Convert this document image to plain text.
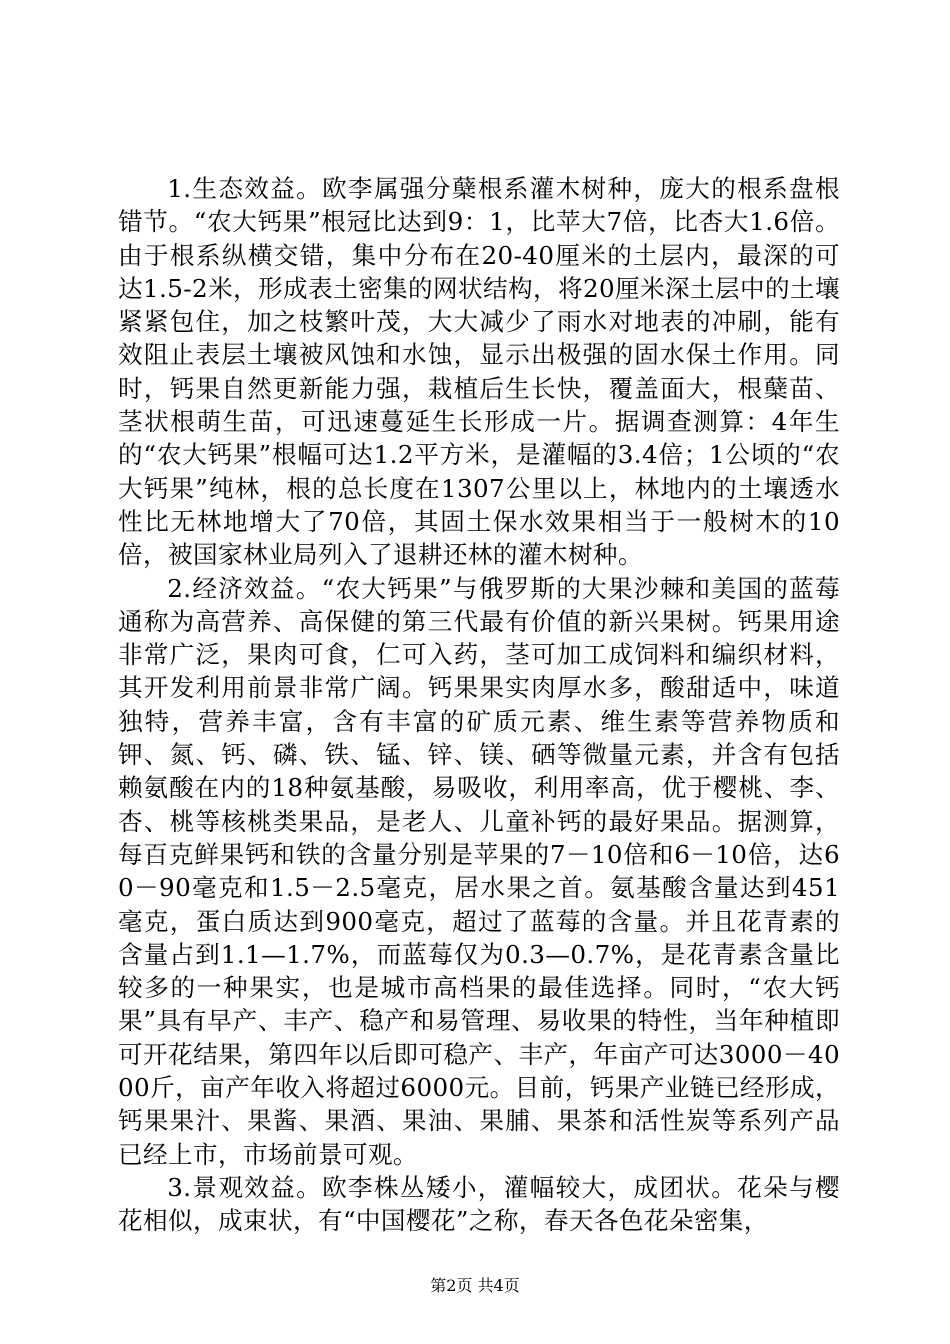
1.生态效益。欧李属强分蘖根系灌木树种，庞大的根系盘根错节。“农大钙果”根冠比达到9：1，比苹大7倍，比杏大1.6倍。由于根系纵横交错，集中分布在20-40厘米的土层内，最深的可达1.5-2米，形成表土密集的网状结构，将20厘米深土层中的土壤紧紧包住，加之枝繁叶茂，大大减少了雨水对地表的冲刷，能有效阻止表层土壤被风蚀和水蚀，显示出极强的固水保土作用。同时，钙果自然更新能力强，栽植后生长快，覆盖面大，根蘖苗、茎状根萌生苗，可迅速蔓延生长形成一片。据调查测算：4年生的“农大钙果”根幅可达1.2平方米，是灌幅的3.4倍；1公顷的“农大钙果”纯林，根的总长度在1307公里以上，林地内的土壤透水性比无林地增大了70倍，其固土保水效果相当于一般树木的10倍，被国家林业局列入了退耕还林的灌木树种。

2.经济效益。“农大钙果”与俄罗斯的大果沙棘和美国的蓝莓通称为高营养、高保健的第三代最有价值的新兴果树。钙果用途非常广泛，果肉可食，仁可入药，茎可加工成饲料和编织材料，其开发利用前景非常广阔。钙果果实肉厚水多，酸甜适中，味道独特，营养丰富，含有丰富的矿质元素、维生素等营养物质和钾、氮、钙、磷、铁、锰、锌、镁、硒等微量元素，并含有包括赖氨酸在内的18种氨基酸，易吸收，利用率高，优于樱桃、李、杏、桃等核桃类果品，是老人、儿童补钙的最好果品。据测算，每百克鲜果钙和铁的含量分别是苹果的7－10倍和6－10倍，达60－90毫克和1.5－2.5毫克，居水果之首。氨基酸含量达到451毫克，蛋白质达到900毫克，超过了蓝莓的含量。并且花青素的含量占到1.1—1.7%，而蓝莓仅为0.3—0.7%，是花青素含量比较多的一种果实，也是城市高档果的最佳选择。同时，“农大钙果”具有早产、丰产、稳产和易管理、易收果的特性，当年种植即可开花结果，第四年以后即可稳产、丰产，年亩产可达3000－4000斤，亩产年收入将超过6000元。目前，钙果产业链已经形成，钙果果汁、果酱、果酒、果油、果脯、果茶和活性炭等系列产品已经上市，市场前景可观。

3.景观效益。欧李株丛矮小，灌幅较大，成团状。花朵与樱花相似，成束状，有“中国樱花”之称，春天各色花朵密集，

第2页 共4页
